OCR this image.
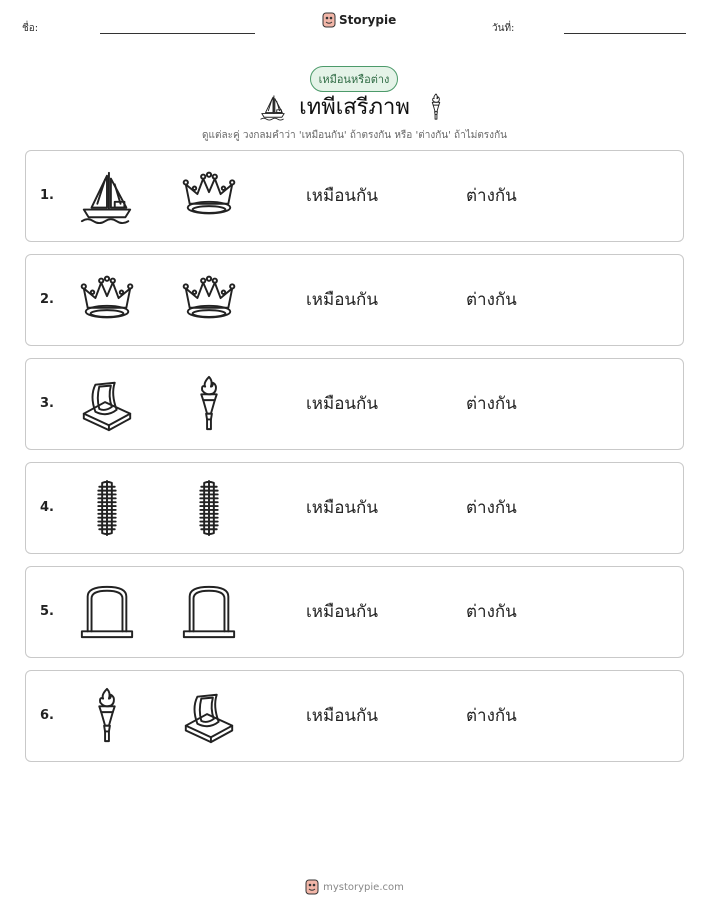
ชื่อ:
Storypie
วันที่:
เหมือนหรือต่าง
เทพีเสรีภาพ
ดูแต่ละคู่ วงกลมคำว่า 'เหมือนกัน' ถ้าตรงกัน หรือ 'ต่างกัน' ถ้าไม่ตรงกัน
1.	เหมือนกัน	ต่างกัน
2.	เหมือนกัน	ต่างกัน
3.	เหมือนกัน	ต่างกัน
4.	เหมือนกัน	ต่างกัน
5.	เหมือนกัน	ต่างกัน
6.	เหมือนกัน	ต่างกัน
mystorypie.com
